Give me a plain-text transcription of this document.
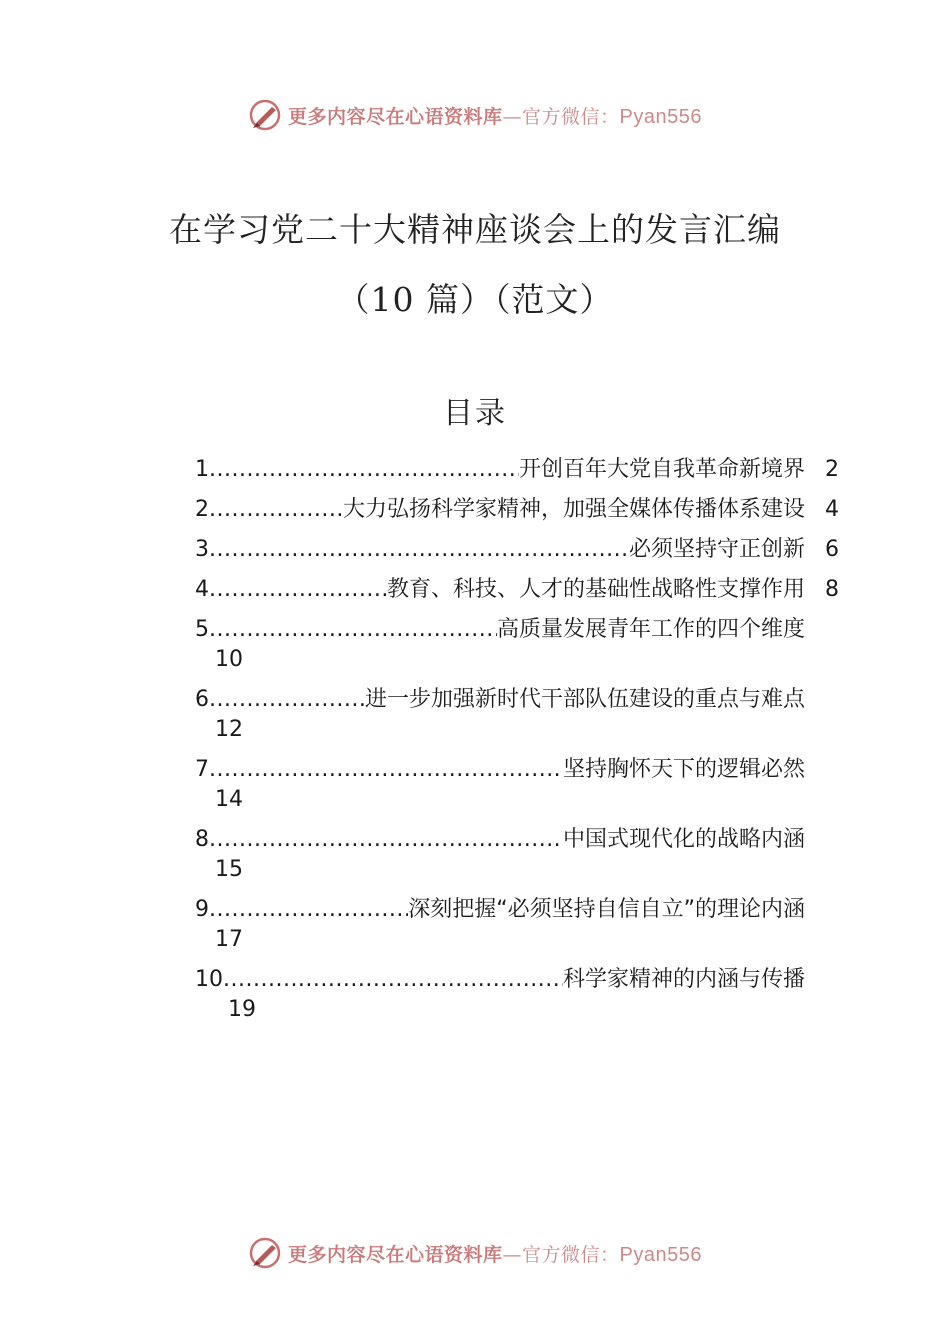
更多内容尽在心语资料库—官方微信：Pyan556
在学习党二十大精神座谈会上的发言汇编
（10 篇）（范文）
目录
1 .....	开创百年大党自我革命新境界 2
2 .....	大力弘扬科学家精神，加强全媒体传播体系建设 4
3 .....	必须坚持守正创新 6
4 .....	教育、科技、人才的基础性战略性支撑作用 8
5 .....	高质量发展青年工作的四个维度
10
6 .....	进一步加强新时代干部队伍建设的重点与难点
12
7 .....	坚持胸怀天下的逻辑必然
14
8 .....	中国式现代化的战略内涵
15
9 .....	深刻把握“必须坚持自信自立”的理论内涵
17
10 .....	科学家精神的内涵与传播
19
更多内容尽在心语资料库—官方微信：Pyan556
